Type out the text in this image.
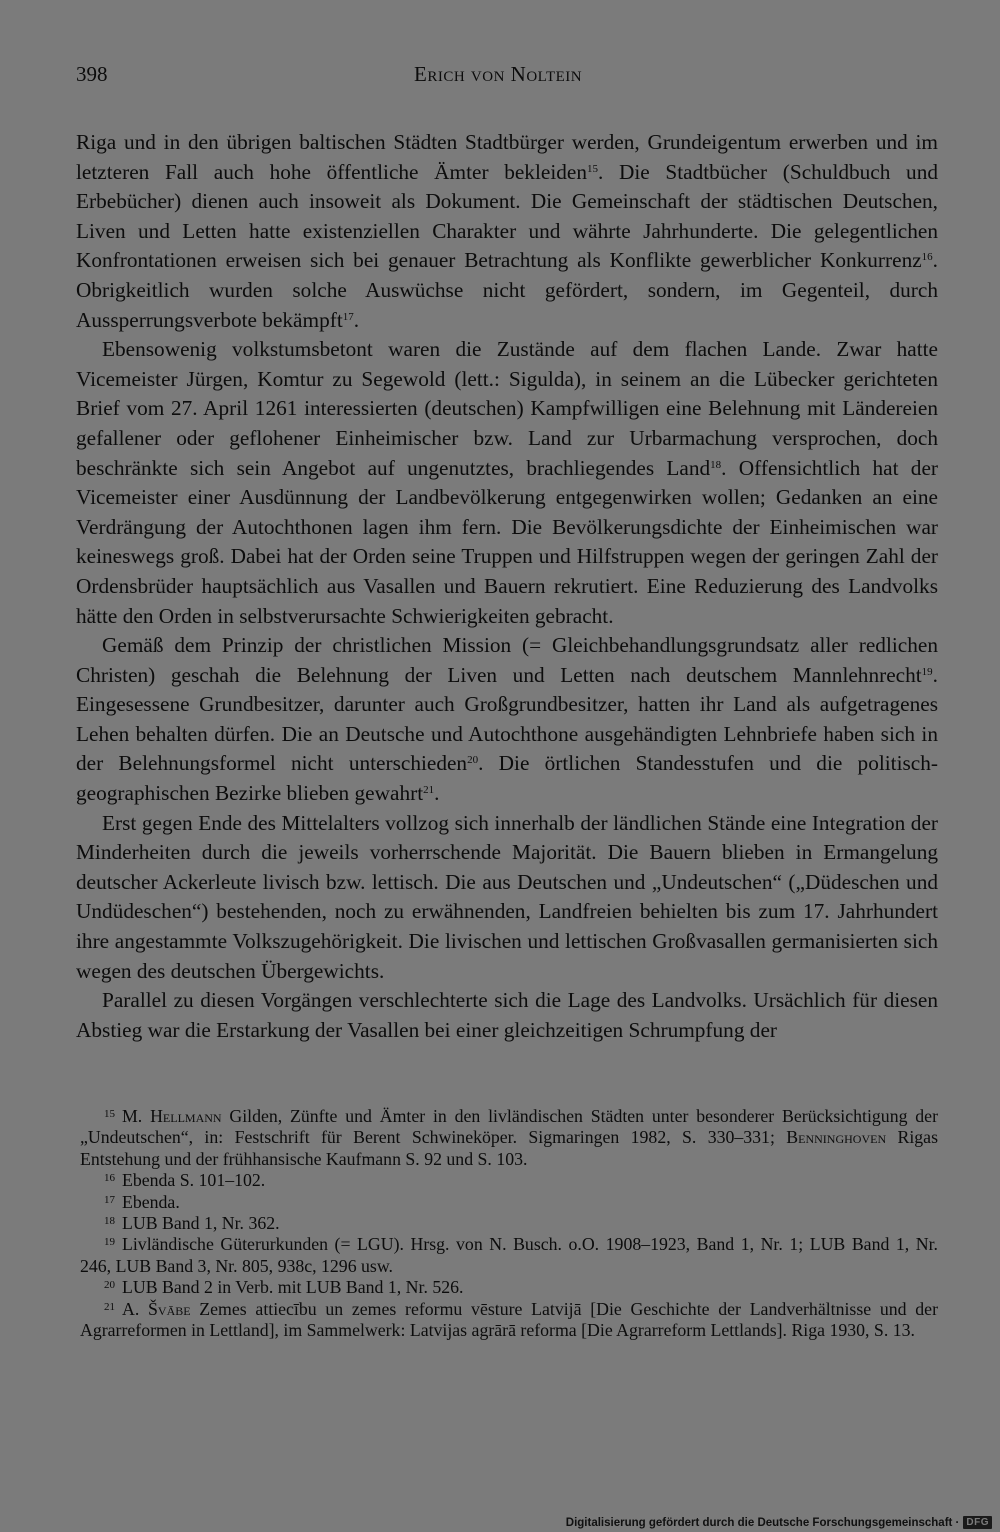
398	Erich von Noltein

Riga und in den übrigen baltischen Städten Stadtbürger werden, Grundeigentum erwerben und im letzteren Fall auch hohe öffentliche Ämter bekleiden$^{15}$. Die Stadtbücher (Schuldbuch und Erbebücher) dienen auch insoweit als Dokument. Die Gemeinschaft der städtischen Deutschen, Liven und Letten hatte existenziellen Charakter und währte Jahrhunderte. Die gelegentlichen Konfrontationen erweisen sich bei genauer Betrachtung als Konflikte gewerblicher Konkurrenz$^{16}$. Obrigkeitlich wurden solche Auswüchse nicht gefördert, sondern, im Gegenteil, durch Aussperrungsverbote bekämpft$^{17}$.

Ebensowenig volkstumsbetont waren die Zustände auf dem flachen Lande. Zwar hatte Vicemeister Jürgen, Komtur zu Segewold (lett.: Sigulda), in seinem an die Lübecker gerichteten Brief vom 27. April 1261 interessierten (deutschen) Kampfwilligen eine Belehnung mit Ländereien gefallener oder geflohener Einheimischer bzw. Land zur Urbarmachung versprochen, doch beschränkte sich sein Angebot auf ungenutztes, brachliegendes Land$^{18}$. Offensichtlich hat der Vicemeister einer Ausdünnung der Landbevölkerung entgegenwirken wollen; Gedanken an eine Verdrängung der Autochthonen lagen ihm fern. Die Bevölkerungsdichte der Einheimischen war keineswegs groß. Dabei hat der Orden seine Truppen und Hilfstruppen wegen der geringen Zahl der Ordensbrüder hauptsächlich aus Vasallen und Bauern rekrutiert. Eine Reduzierung des Landvolks hätte den Orden in selbstverursachte Schwierigkeiten gebracht.

Gemäß dem Prinzip der christlichen Mission (= Gleichbehandlungsgrundsatz aller redlichen Christen) geschah die Belehnung der Liven und Letten nach deutschem Mannlehnrecht$^{19}$. Eingesessene Grundbesitzer, darunter auch Großgrundbesitzer, hatten ihr Land als aufgetragenes Lehen behalten dürfen. Die an Deutsche und Autochthone ausgehändigten Lehnbriefe haben sich in der Belehnungsformel nicht unterschieden$^{20}$. Die örtlichen Standesstufen und die politisch-geographischen Bezirke blieben gewahrt$^{21}$.

Erst gegen Ende des Mittelalters vollzog sich innerhalb der ländlichen Stände eine Integration der Minderheiten durch die jeweils vorherrschende Majorität. Die Bauern blieben in Ermangelung deutscher Ackerleute livisch bzw. lettisch. Die aus Deutschen und „Undeutschen“ („Düdeschen und Undüdeschen“) bestehenden, noch zu erwähnenden, Landfreien behielten bis zum 17. Jahrhundert ihre angestammte Volkszugehörigkeit. Die livischen und lettischen Großvasallen germanisierten sich wegen des deutschen Übergewichts.

Parallel zu diesen Vorgängen verschlechterte sich die Lage des Landvolks. Ursächlich für diesen Abstieg war die Erstarkung der Vasallen bei einer gleichzeitigen Schrumpfung der

$^{15}$ M. Hellmann Gilden, Zünfte und Ämter in den livländischen Städten unter besonderer Berücksichtigung der „Undeutschen“, in: Festschrift für Berent Schwineköper. Sigmaringen 1982, S. 330–331; Benninghoven Rigas Entstehung und der frühhansische Kaufmann S. 92 und S. 103.

$^{16}$ Ebenda S. 101–102.

$^{17}$ Ebenda.

$^{18}$ LUB Band 1, Nr. 362.

$^{19}$ Livländische Güterurkunden (= LGU). Hrsg. von N. Busch. o.O. 1908–1923, Band 1, Nr. 1; LUB Band 1, Nr. 246, LUB Band 3, Nr. 805, 938c, 1296 usw.

$^{20}$ LUB Band 2 in Verb. mit LUB Band 1, Nr. 526.

$^{21}$ A. Švābe Zemes attiecību un zemes reformu vēsture Latvijā [Die Geschichte der Landverhältnisse und der Agrarreformen in Lettland], im Sammelwerk: Latvijas agrārā reforma [Die Agrarreform Lettlands]. Riga 1930, S. 13.

Digitalisierung gefördert durch die Deutsche Forschungsgemeinschaft · DFG
